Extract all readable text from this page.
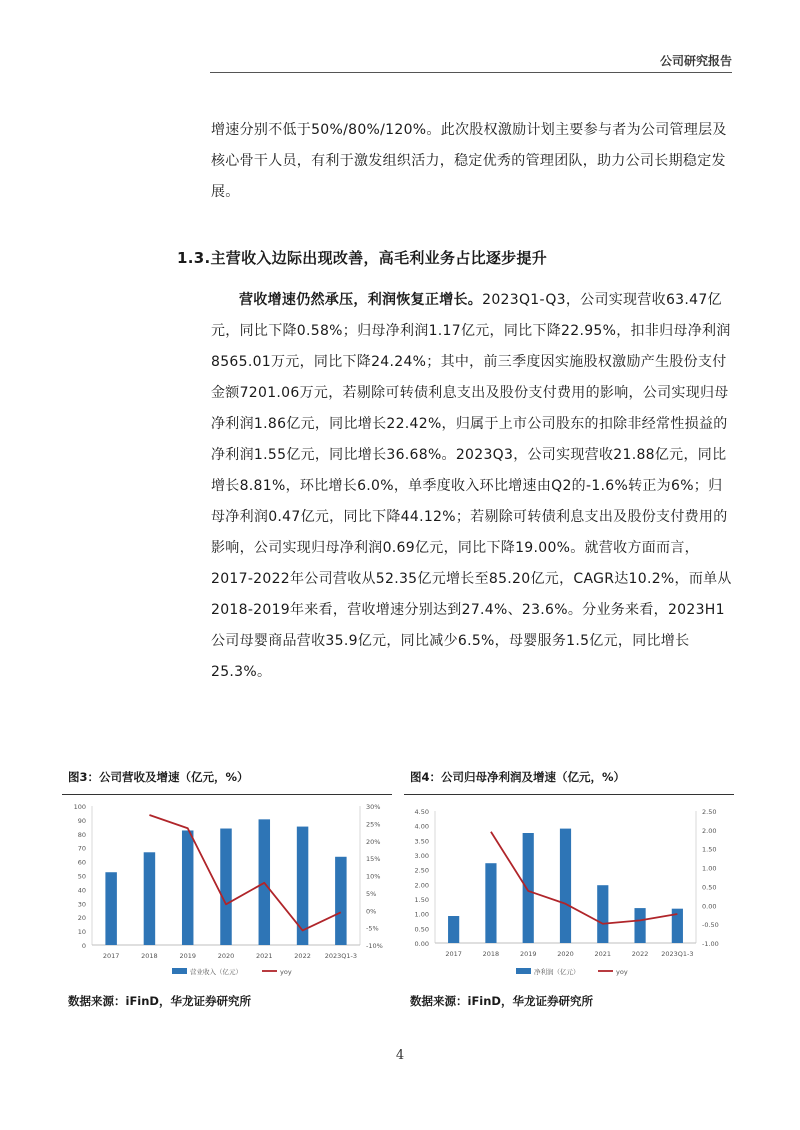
公司研究报告

增速分别不低于50%/80%/120%。此次股权激励计划主要参与者为公司管理层及核心骨干人员，有利于激发组织活力，稳定优秀的管理团队，助力公司长期稳定发展。

1.3.主营收入边际出现改善，高毛利业务占比逐步提升

营收增速仍然承压，利润恢复正增长。2023Q1-Q3，公司实现营收63.47亿元，同比下降0.58%；归母净利润1.17亿元，同比下降22.95%，扣非归母净利润8565.01万元，同比下降24.24%；其中，前三季度因实施股权激励产生股份支付金额7201.06万元，若剔除可转债利息支出及股份支付费用的影响，公司实现归母净利润1.86亿元，同比增长22.42%，归属于上市公司股东的扣除非经常性损益的净利润1.55亿元，同比增长36.68%。2023Q3，公司实现营收21.88亿元，同比增长8.81%，环比增长6.0%，单季度收入环比增速由Q2的-1.6%转正为6%；归母净利润0.47亿元，同比下降44.12%；若剔除可转债利息支出及股份支付费用的影响，公司实现归母净利润0.69亿元，同比下降19.00%。就营收方面而言，2017-2022年公司营收从52.35亿元增长至85.20亿元，CAGR达10.2%，而单从2018-2019年来看，营收增速分别达到27.4%、23.6%。分业务来看，2023H1公司母婴商品营收35.9亿元，同比减少6.5%，母婴服务1.5亿元，同比增长25.3%。

图3：公司营收及增速（亿元，%）

0
10
20
30
40
50
60
70
80
90
100
-10%
-5%
0%
5%
10%
15%
20%
25%
30%
2017	2018	2019	2020	2021	2022 2023Q1-3
营业收入（亿元）	yoy

数据来源：iFinD，华龙证券研究所

图4：公司归母净利润及增速（亿元，%）

0.00
0.50
1.00
1.50
2.00
2.50
3.00
3.50
4.00
4.50
-1.00
-0.50
0.00
0.50
1.00
1.50
2.00
2.50
2017	2018	2019	2020	2021	2022 2023Q1-3
净利润（亿元）	yoy

数据来源：iFinD，华龙证券研究所

4
